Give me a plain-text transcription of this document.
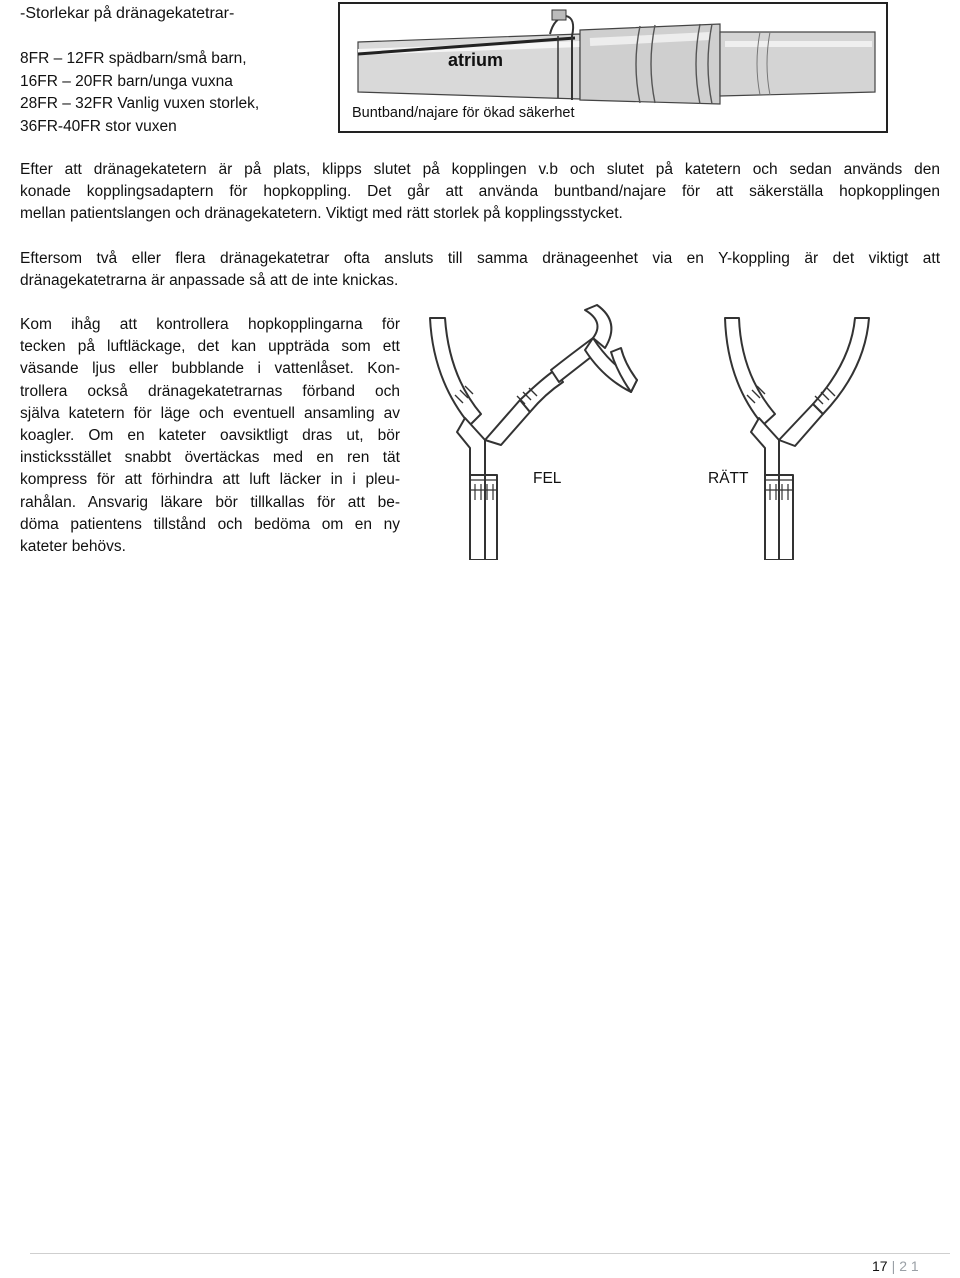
-Storlekar på dränagekatetrar-
8FR – 12FR spädbarn/små barn,
16FR – 20FR barn/unga vuxna
28FR – 32FR Vanlig vuxen storlek,
36FR-40FR stor vuxen
atrium
Buntband/najare för ökad säkerhet
Efter att dränagekatetern är på plats, klipps slutet på kopplingen v.b och slutet på katetern och sedan används den
konade kopplingsadaptern för hopkoppling. Det går att använda buntband/najare för att säkerställa hopkopplingen
mellan patientslangen och dränagekatetern. Viktigt med rätt storlek på kopplingsstycket.
Eftersom två eller flera dränagekatetrar ofta ansluts till samma dränageenhet via en Y-koppling är det viktigt att
dränagekatetrarna är anpassade så att de inte knickas.
Kom ihåg att kontrollera hopkopplingarna för
tecken på luftläckage, det kan uppträda som ett
väsande ljus eller bubblande i vattenlåset. Kon-
trollera också dränagekatetrarnas förband och
själva katetern för läge och eventuell ansamling av
koagler. Om en kateter oavsiktligt dras ut, bör
insticksstället snabbt övertäckas med en ren tät
kompress för att förhindra att luft läcker in i pleu-
rahålan. Ansvarig läkare bör tillkallas för att be-
döma patientens tillstånd och bedöma om en ny
kateter behövs.
FEL	RÄTT
17 | 2 1
